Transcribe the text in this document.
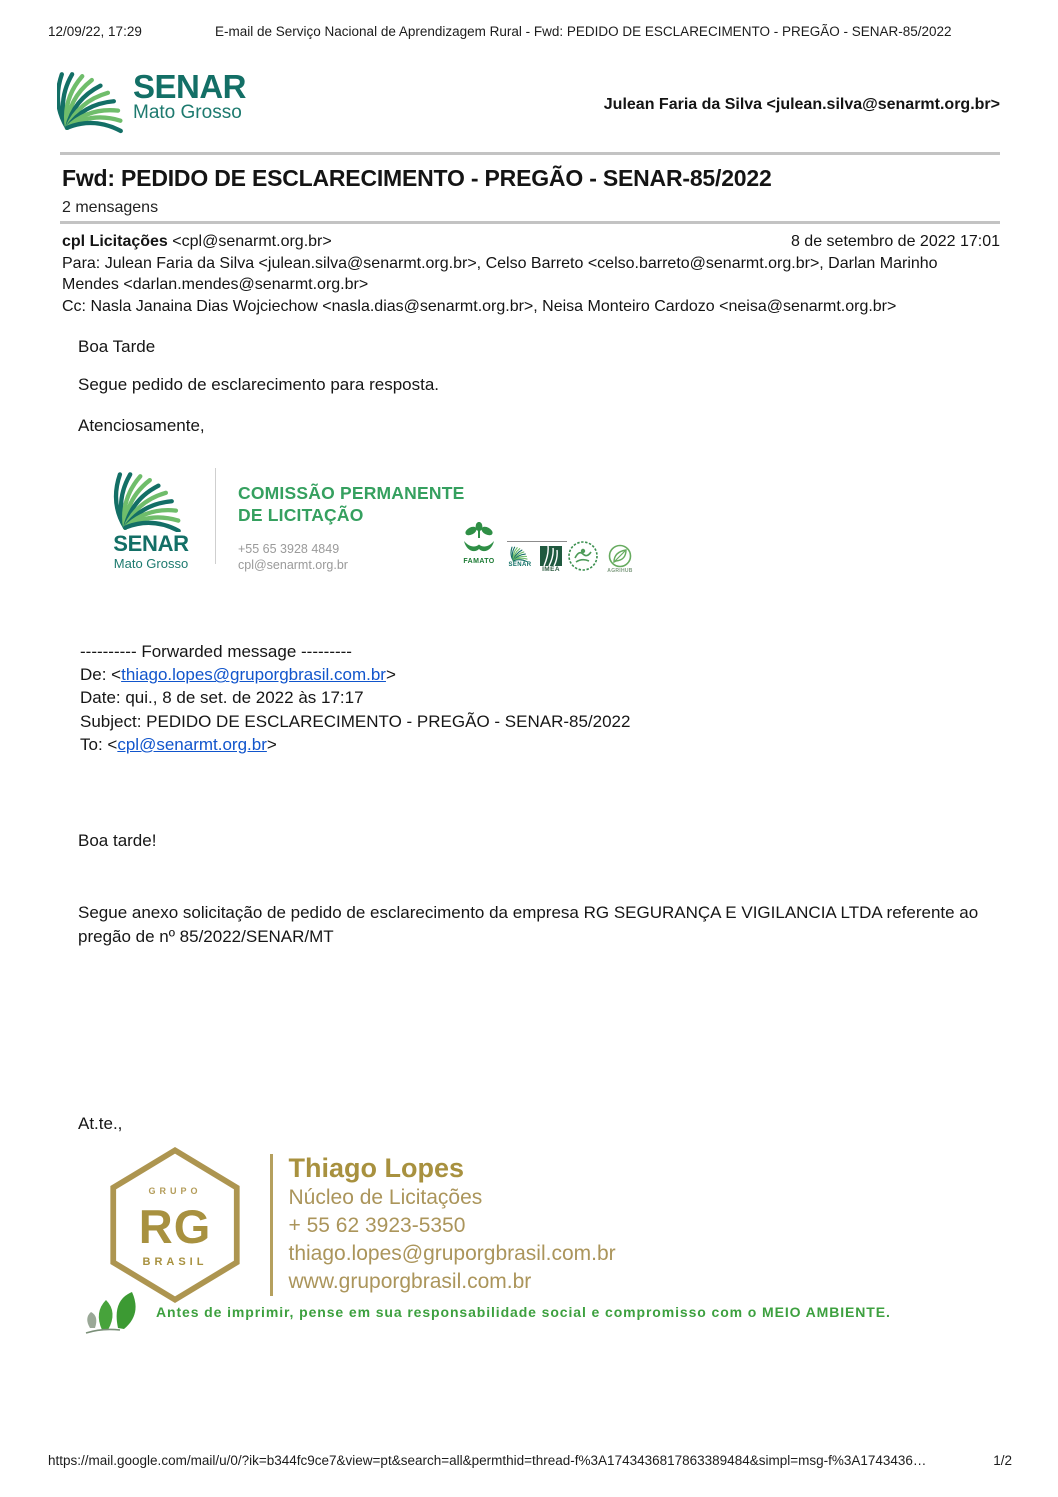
12/09/22, 17:29	E-mail de Serviço Nacional de Aprendizagem Rural - Fwd: PEDIDO DE ESCLARECIMENTO - PREGÃO - SENAR-85/2022
SENAR
Mato Grosso	Julean Faria da Silva <julean.silva@senarmt.org.br>
Fwd: PEDIDO DE ESCLARECIMENTO - PREGÃO - SENAR-85/2022
2 mensagens
cpl Licitações <cpl@senarmt.org.br>	8 de setembro de 2022 17:01
Para: Julean Faria da Silva <julean.silva@senarmt.org.br>, Celso Barreto <celso.barreto@senarmt.org.br>, Darlan Marinho Mendes <darlan.mendes@senarmt.org.br>
Cc: Nasla Janaina Dias Wojciechow <nasla.dias@senarmt.org.br>, Neisa Monteiro Cardozo <neisa@senarmt.org.br>
Boa Tarde
Segue pedido de esclarecimento para resposta.
Atenciosamente,
SENAR
Mato Grosso
COMISSÃO PERMANENTE
DE LICITAÇÃO
+55 65 3928 4849
cpl@senarmt.org.br	FAMATO	SENAR
IMEA	AGRIHUB
---------- Forwarded message ---------
De: <thiago.lopes@gruporgbrasil.com.br>
Date: qui., 8 de set. de 2022 às 17:17
Subject: PEDIDO DE ESCLARECIMENTO - PREGÃO - SENAR-85/2022
To: <cpl@senarmt.org.br>
Boa tarde!
Segue anexo solicitação de pedido de esclarecimento da empresa RG SEGURANÇA E VIGILANCIA LTDA referente ao pregão de nº 85/2022/SENAR/MT
At.te.,
GRUPO
RG
BRASIL
Thiago Lopes
Núcleo de Licitações
+ 55 62 3923-5350
thiago.lopes@gruporgbrasil.com.br
www.gruporgbrasil.com.br
Antes de imprimir, pense em sua responsabilidade social e compromisso com o MEIO AMBIENTE.
https://mail.google.com/mail/u/0/?ik=b344fc9ce7&view=pt&search=all&permthid=thread-f%3A1743436817863389484&simpl=msg-f%3A1743436…	1/2
